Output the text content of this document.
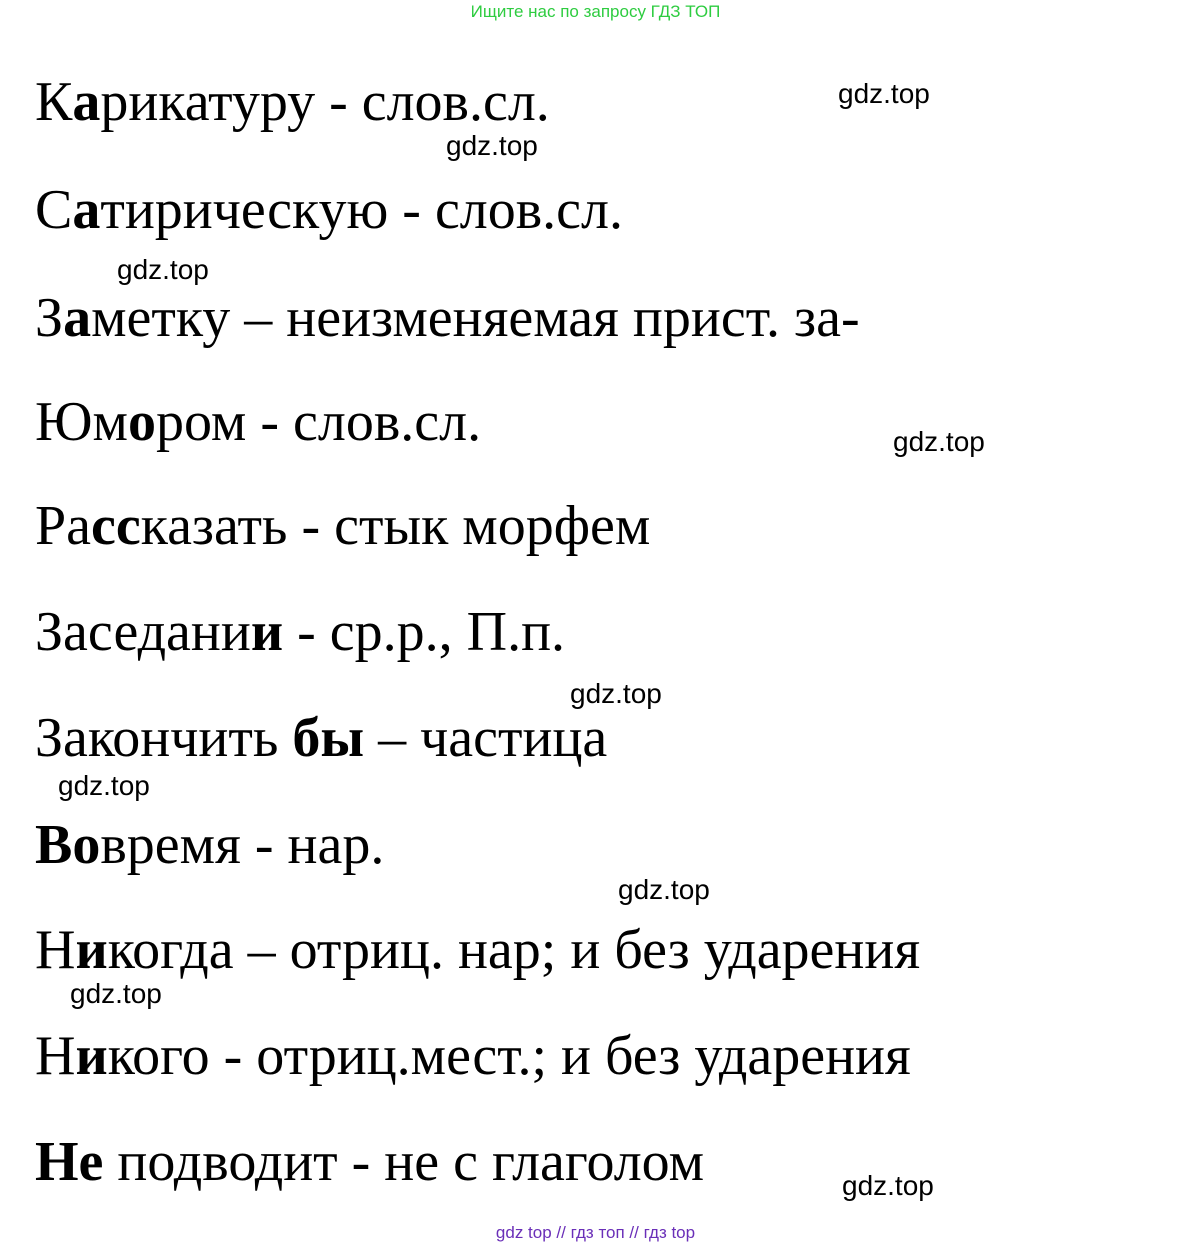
Ищите нас по запросу ГДЗ ТОП
Карикатуру - слов.сл.
Сатирическую - слов.сл.
Заметку – неизменяемая прист. за-
Юмором - слов.сл.
Рассказать - стык морфем
Заседании - ср.р., П.п.
Закончить бы – частица
Вовремя - нар.
Никогда – отриц. нар; и без ударения
Никого - отриц.мест.; и без ударения
Не подводит - не с глаголом
gdz.top
gdz.top
gdz.top
gdz.top
gdz.top
gdz.top
gdz.top
gdz.top
gdz.top
gdz top // гдз топ // гдз top
